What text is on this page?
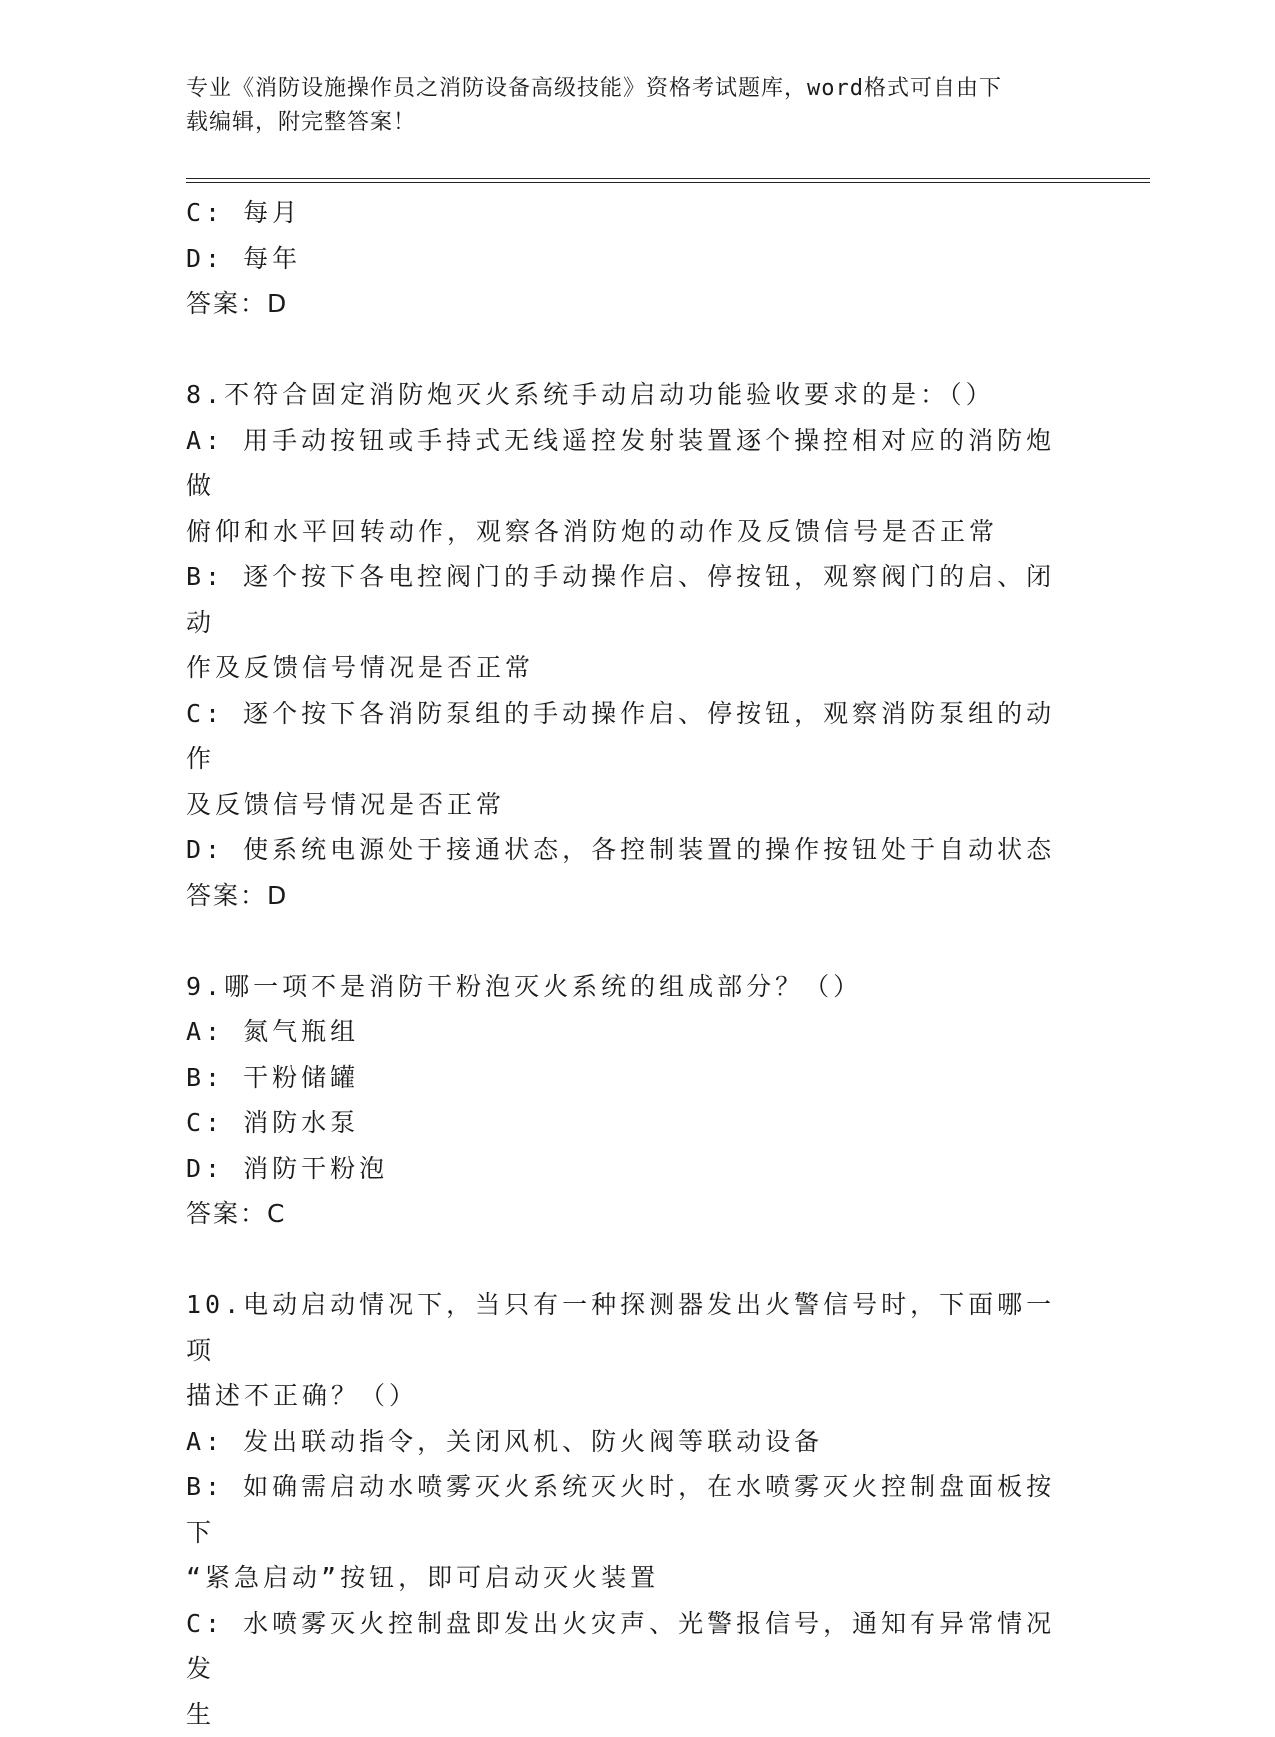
专业《消防设施操作员之消防设备高级技能》资格考试题库，word格式可自由下
载编辑，附完整答案！
C: 每月
D: 每年
答案：D
8.不符合固定消防炮灭火系统手动启动功能验收要求的是：（）
A: 用手动按钮或手持式无线遥控发射装置逐个操控相对应的消防炮做
俯仰和水平回转动作，观察各消防炮的动作及反馈信号是否正常
B: 逐个按下各电控阀门的手动操作启、停按钮，观察阀门的启、闭动
作及反馈信号情况是否正常
C: 逐个按下各消防泵组的手动操作启、停按钮，观察消防泵组的动作
及反馈信号情况是否正常
D: 使系统电源处于接通状态，各控制装置的操作按钮处于自动状态
答案：D
9.哪一项不是消防干粉泡灭火系统的组成部分？（）
A: 氮气瓶组
B: 干粉储罐
C: 消防水泵
D: 消防干粉泡
答案：C
10.电动启动情况下，当只有一种探测器发出火警信号时，下面哪一项
描述不正确？（）
A: 发出联动指令，关闭风机、防火阀等联动设备
B: 如确需启动水喷雾灭火系统灭火时，在水喷雾灭火控制盘面板按下
“紧急启动”按钮，即可启动灭火装置
C: 水喷雾灭火控制盘即发出火灾声、光警报信号，通知有异常情况发
生
